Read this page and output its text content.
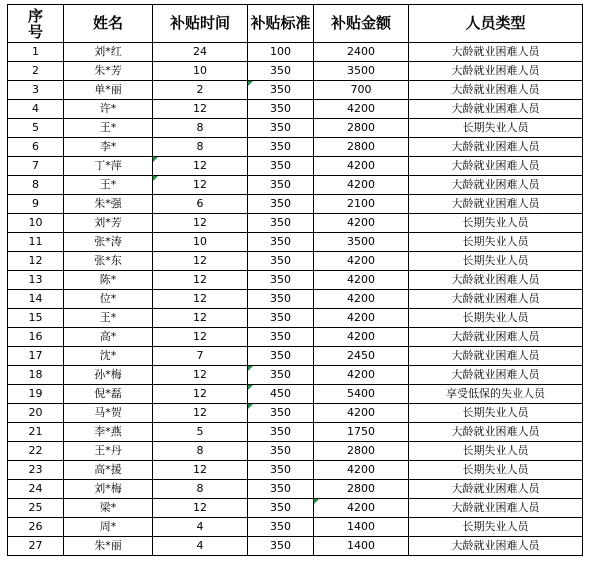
序
号	姓名	补贴时间	补贴标准	补贴金额	人员类型
1	刘*红	24	100	2400	大龄就业困难人员
2	朱*芳	10	350	3500	大龄就业困难人员
3	单*丽	2	350	700	大龄就业困难人员
4	许*	12	350	4200	大龄就业困难人员
5	王*	8	350	2800	长期失业人员
6	李*	8	350	2800	大龄就业困难人员
7	丁*萍	12	350	4200	大龄就业困难人员
8	王*	12	350	4200	大龄就业困难人员
9	朱*强	6	350	2100	大龄就业困难人员
10	刘*芳	12	350	4200	长期失业人员
11	张*涛	10	350	3500	长期失业人员
12	张*东	12	350	4200	长期失业人员
13	陈*	12	350	4200	大龄就业困难人员
14	位*	12	350	4200	大龄就业困难人员
15	王*	12	350	4200	长期失业人员
16	高*	12	350	4200	大龄就业困难人员
17	沈*	7	350	2450	大龄就业困难人员
18	孙*梅	12	350	4200	大龄就业困难人员
19	倪*磊	12	450	5400	享受低保的失业人员
20	马*贺	12	350	4200	长期失业人员
21	李*燕	5	350	1750	大龄就业困难人员
22	王*丹	8	350	2800	长期失业人员
23	高*援	12	350	4200	长期失业人员
24	刘*梅	8	350	2800	大龄就业困难人员
25	梁*	12	350	4200	大龄就业困难人员
26	周*	4	350	1400	长期失业人员
27	朱*丽	4	350	1400	大龄就业困难人员
